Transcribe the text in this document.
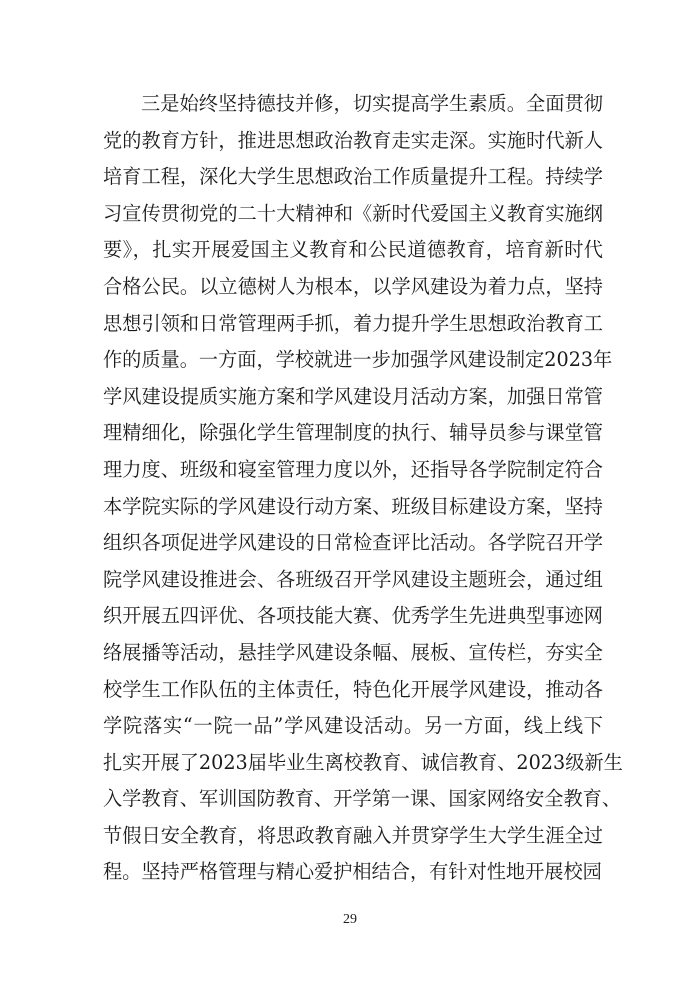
三是始终坚持德技并修，切实提高学生素质。全面贯彻
党的教育方针，推进思想政治教育走实走深。实施时代新人
培育工程，深化大学生思想政治工作质量提升工程。持续学
习宣传贯彻党的二十大精神和《新时代爱国主义教育实施纲
要》，扎实开展爱国主义教育和公民道德教育，培育新时代
合格公民。以立德树人为根本，以学风建设为着力点，坚持
思想引领和日常管理两手抓，着力提升学生思想政治教育工
作的质量。一方面，学校就进一步加强学风建设制定2023年
学风建设提质实施方案和学风建设月活动方案，加强日常管
理精细化，除强化学生管理制度的执行、辅导员参与课堂管
理力度、班级和寝室管理力度以外，还指导各学院制定符合
本学院实际的学风建设行动方案、班级目标建设方案，坚持
组织各项促进学风建设的日常检查评比活动。各学院召开学
院学风建设推进会、各班级召开学风建设主题班会，通过组
织开展五四评优、各项技能大赛、优秀学生先进典型事迹网
络展播等活动，悬挂学风建设条幅、展板、宣传栏，夯实全
校学生工作队伍的主体责任，特色化开展学风建设，推动各
学院落实“一院一品”学风建设活动。另一方面，线上线下
扎实开展了2023届毕业生离校教育、诚信教育、2023级新生
入学教育、军训国防教育、开学第一课、国家网络安全教育、
节假日安全教育，将思政教育融入并贯穿学生大学生涯全过
程。坚持严格管理与精心爱护相结合，有针对性地开展校园
29
